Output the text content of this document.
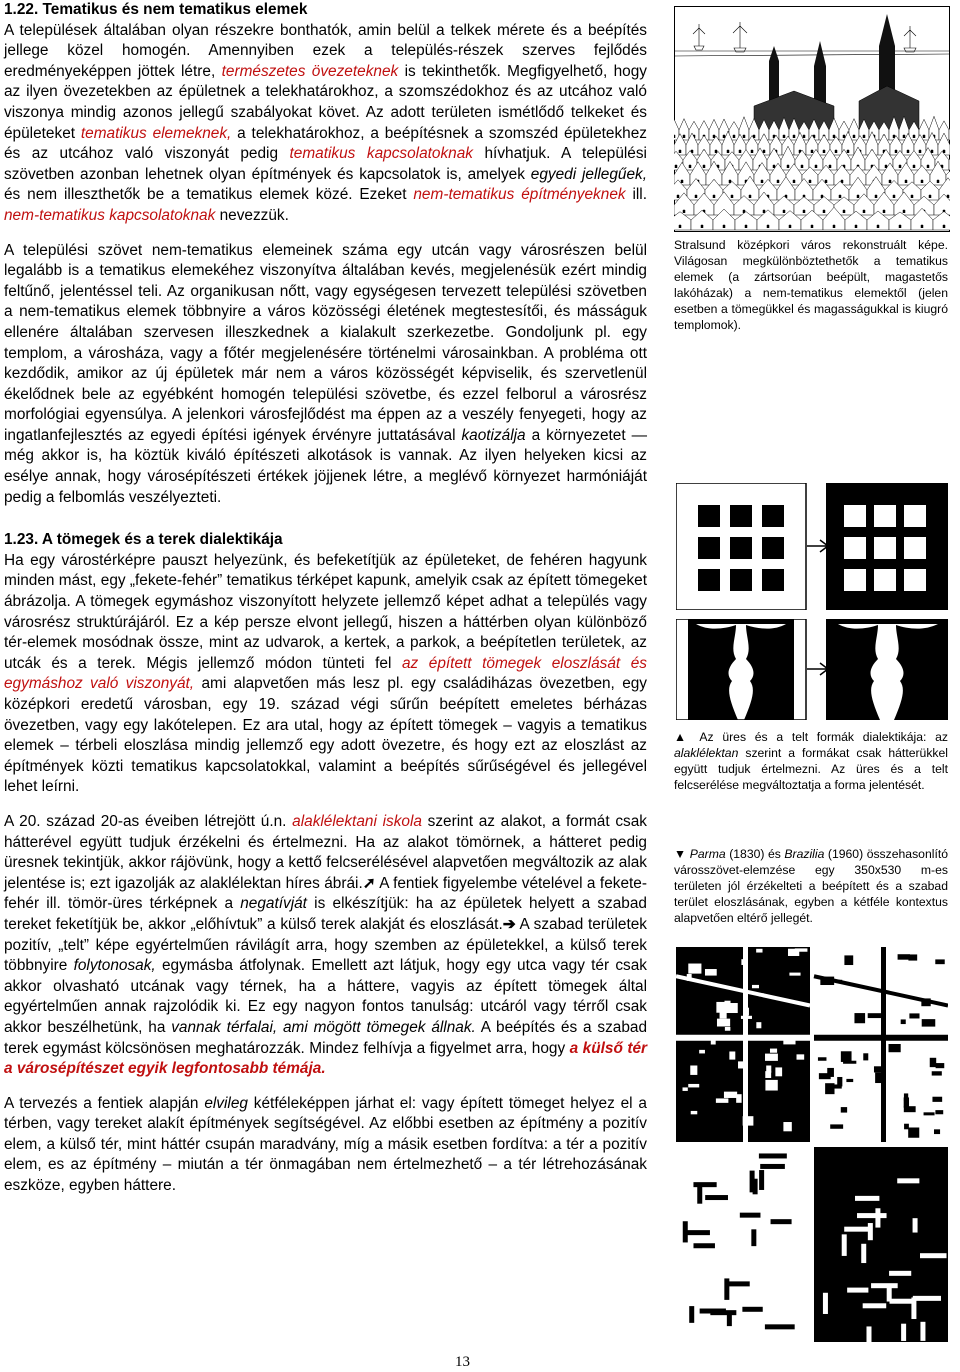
1.22. Tematikus és nem tematikus elemek

A települések általában olyan részekre bonthatók, amin belül a telkek mérete és a beépítés jellege közel homogén. Amennyiben ezek a település-részek szerves fejlődés eredményeképpen jöttek létre, természetes övezeteknek is tekinthetők. Megfigyelhető, hogy az ilyen övezetekben az épületnek a telekhatárokhoz, a szomszédokhoz és az utcához való viszonya mindig azonos jellegű szabályokat követ. Az adott területen ismétlődő telkeket és épületeket tematikus elemeknek, a telekhatárokhoz, a beépítésnek a szomszéd épületekhez és az utcához való viszonyát pedig tematikus kapcsolatoknak hívhatjuk. A települési szövetben azonban lehetnek olyan építmények és kapcsolatok is, amelyek egyedi jellegűek, és nem illeszthetők be a tematikus elemek közé. Ezeket nem-tematikus építményeknek ill. nem-tematikus kapcsolatoknak nevezzük.

A települési szövet nem-tematikus elemeinek száma egy utcán vagy városrészen belül legalább is a tematikus elemekéhez viszonyítva általában kevés, megjelenésük ezért mindig feltűnő, jelentéssel teli. Az organikusan nőtt, vagy egységesen tervezett települési szövetben a nem-tematikus elemek többnyire a város közösségi életének megtestesítői, és másságuk ellenére általában szervesen illeszkednek a kialakult szerkezetbe. Gondoljunk pl. egy templom, a városháza, vagy a főtér megjelenésére történelmi városainkban. A probléma ott kezdődik, amikor az új épületek már nem a város közösségét képviselik, és szervetlenül ékelődnek bele az egyébként homogén települési szövetbe, és ezzel felborul a városrész morfológiai egyensúlya. A jelenkori városfejlődést ma éppen az a veszély fenyegeti, hogy az ingatlanfejlesztés az egyedi építési igények érvényre juttatásával kaotizálja a környezetet — még akkor is, ha köztük kiváló építészeti alkotások is vannak. Az ilyen helyeken kicsi az esélye annak, hogy városépítészeti értékek jöjjenek létre, a meglévő környezet harmóniáját pedig a felbomlás veszélyezteti.

1.23. A tömegek és a terek dialektikája

Ha egy várostérképre pauszt helyezünk, és befeketítjük az épületeket, de fehéren hagyunk minden mást, egy „fekete-fehér” tematikus térképet kapunk, amelyik csak az épített tömegeket ábrázolja. A tömegek egymáshoz viszonyított helyzete jellemző képet adhat a település vagy városrész struktúrájáról. Ez a kép persze elvont jellegű, hiszen a háttérben olyan különböző tér-elemek mosódnak össze, mint az udvarok, a kertek, a parkok, a beépítetlen területek, az utcák és a terek. Mégis jellemző módon tünteti fel az épített tömegek eloszlását és egymáshoz való viszonyát, ami alapvetően más lesz pl. egy családiházas övezetben, egy középkori eredetű városban, egy 19. század végi sűrűn beépített emeletes bérházas övezetben, vagy egy lakótelepen. Ez ara utal, hogy az épített tömegek – vagyis a tematikus elemek – térbeli eloszlása mindig jellemző egy adott övezetre, és hogy ezt az eloszlást az építmények közti tematikus kapcsolatokkal, valamint a beépítés sűrűségével és jellegével lehet leírni.

A 20. század 20-as éveiben létrejött ú.n. alaklélektani iskola szerint az alakot, a formát csak hátterével együtt tudjuk érzékelni és értelmezni. Ha az alakot tömörnek, a hátteret pedig üresnek tekintjük, akkor rájövünk, hogy a kettő felcserélésével alapvetően megváltozik az alak jelentése is; ezt igazolják az alaklélektan híres ábrái.➚ A fentiek figyelembe vételével a fekete-fehér ill. tömör-üres térképnek a negatívját is elkészítjük: ha az épületek helyett a szabad tereket feketítjük be, akkor „előhívtuk” a külső terek alakját és eloszlását.➔ A szabad területek pozitív, „telt” képe egyértelműen rávilágít arra, hogy szemben az épületekkel, a külső terek többnyire folytonosak, egymásba átfolynak. Emellett azt látjuk, hogy egy utca vagy tér csak akkor olvasható utcának vagy térnek, ha a háttere, vagyis az épített tömegek által egyértelműen annak rajzolódik ki. Ez egy nagyon fontos tanulság: utcáról vagy térről csak akkor beszélhetünk, ha vannak térfalai, ami mögött tömegek állnak. A beépítés és a szabad terek egymást kölcsönösen meghatározzák. Mindez felhívja a figyelmet arra, hogy a külső tér a városépítészet egyik legfontosabb témája.

A tervezés a fentiek alapján elvileg kétféleképpen járhat el: vagy épített tömeget helyez el a térben, vagy tereket alakít építmények segítségével. Az előbbi esetben az építmény a pozitív elem, a külső tér, mint háttér csupán maradvány, míg a másik esetben fordítva: a tér a pozitív elem, es az építmény – miután a tér önmagában nem értelmezhető – a tér létrehozásának eszköze, egyben háttere.

Stralsund középkori város rekonstruált képe. Világosan megkülönböztethetők a tematikus elemek (a zártsorúan beépült, magastetős lakóházak) a nem-tematikus elemektől (jelen esetben a tömegükkel és magasságukkal is kiugró templomok).
▲ Az üres és a telt formák dialektikája: az alaklélektan szerint a formákat csak hátterükkel együtt tudjuk értelmezni. Az üres és a telt felcserélése megváltoztatja a forma jelentését.
▼ Parma (1830) és Brazilia (1960) összehasonlító városszövet-elemzése egy 350x530 m-es területen jól érzékelteti a beépített és a szabad terület eloszlásának, egyben a kétféle kontextus alapvetően eltérő jellegét.
13
